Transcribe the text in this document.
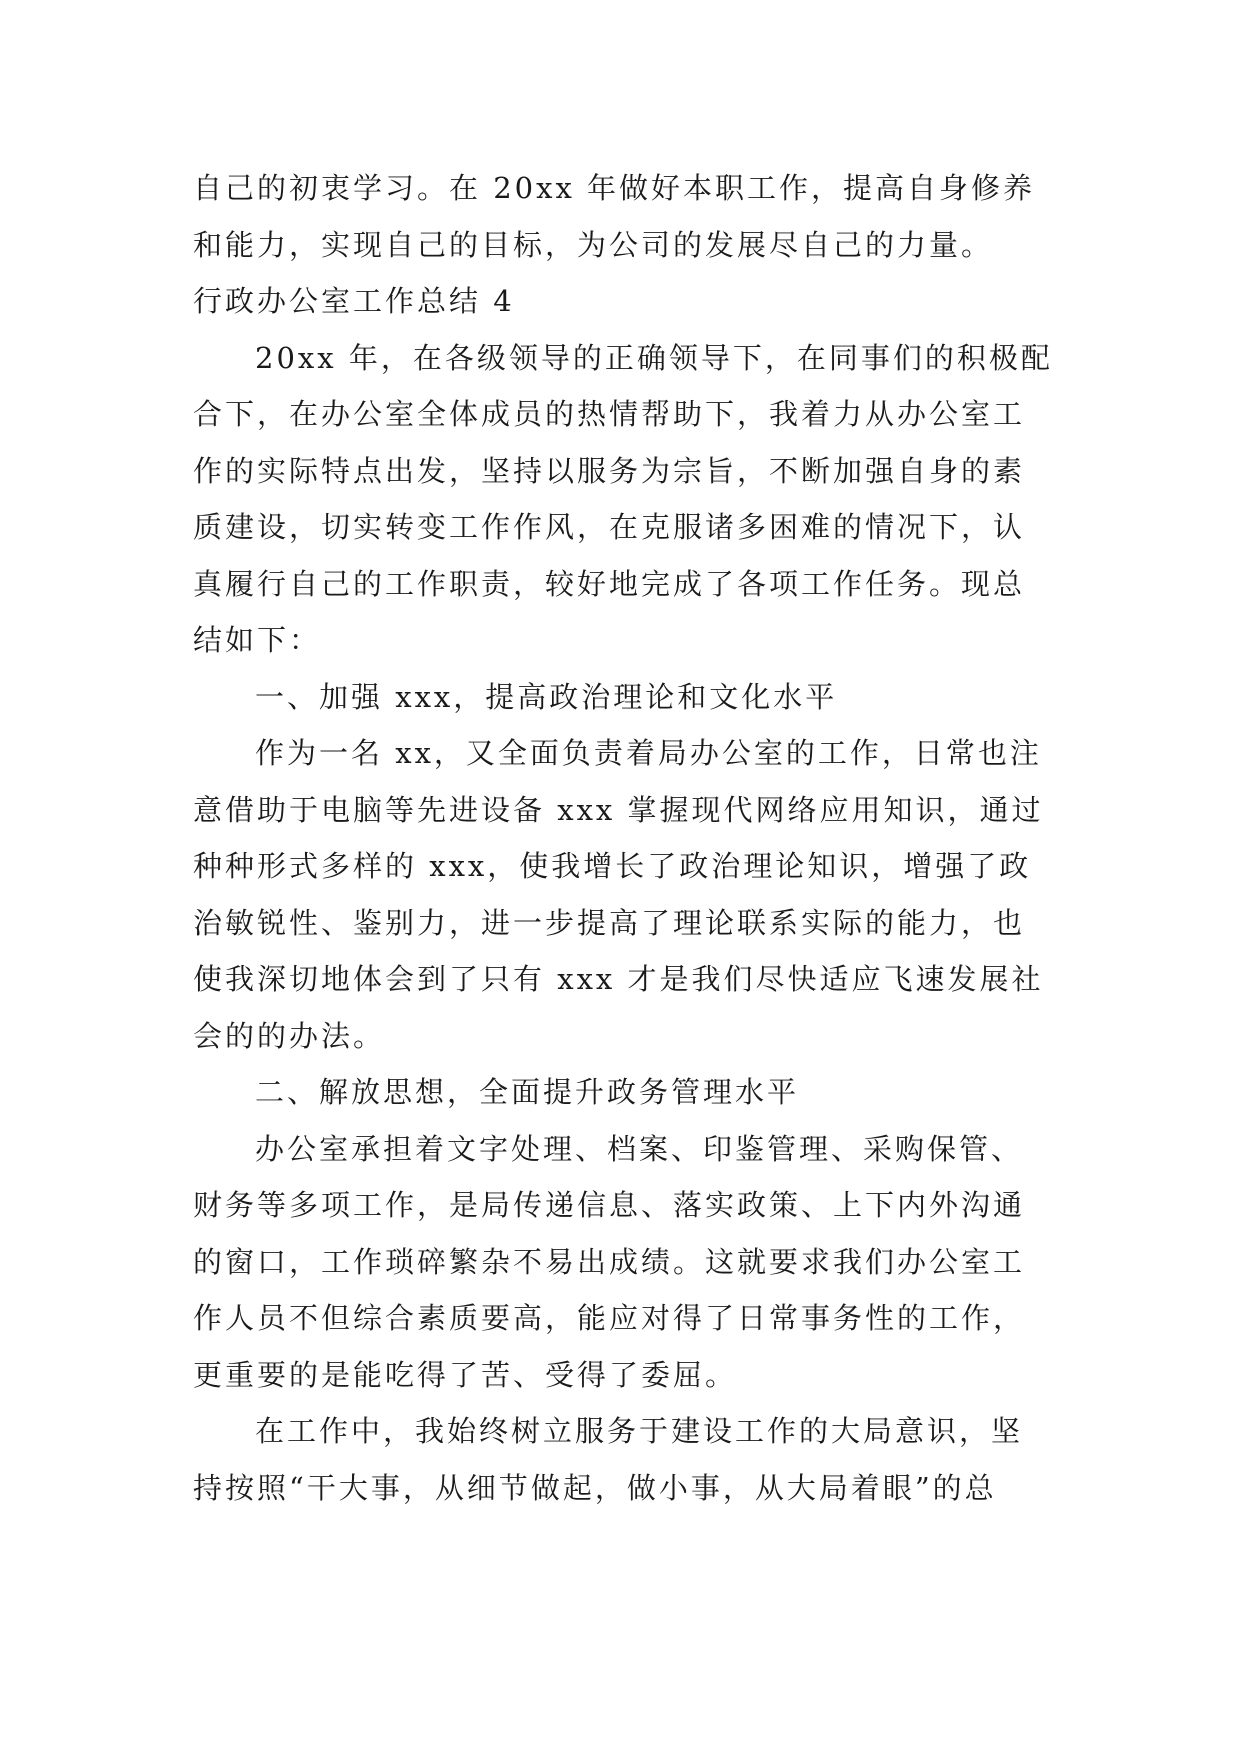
自己的初衷学习。在 20xx 年做好本职工作，提高自身修养
和能力，实现自己的目标，为公司的发展尽自己的力量。
行政办公室工作总结 4
20xx 年，在各级领导的正确领导下，在同事们的积极配
合下，在办公室全体成员的热情帮助下，我着力从办公室工
作的实际特点出发，坚持以服务为宗旨，不断加强自身的素
质建设，切实转变工作作风，在克服诸多困难的情况下，认
真履行自己的工作职责，较好地完成了各项工作任务。现总
结如下：
一、加强 xxx，提高政治理论和文化水平
作为一名 xx，又全面负责着局办公室的工作，日常也注
意借助于电脑等先进设备 xxx 掌握现代网络应用知识，通过
种种形式多样的 xxx，使我增长了政治理论知识，增强了政
治敏锐性、鉴别力，进一步提高了理论联系实际的能力，也
使我深切地体会到了只有 xxx 才是我们尽快适应飞速发展社
会的的办法。
二、解放思想，全面提升政务管理水平
办公室承担着文字处理、档案、印鉴管理、采购保管、
财务等多项工作，是局传递信息、落实政策、上下内外沟通
的窗口，工作琐碎繁杂不易出成绩。这就要求我们办公室工
作人员不但综合素质要高，能应对得了日常事务性的工作，
更重要的是能吃得了苦、受得了委屈。
在工作中，我始终树立服务于建设工作的大局意识，坚
持按照“干大事，从细节做起，做小事，从大局着眼”的总
